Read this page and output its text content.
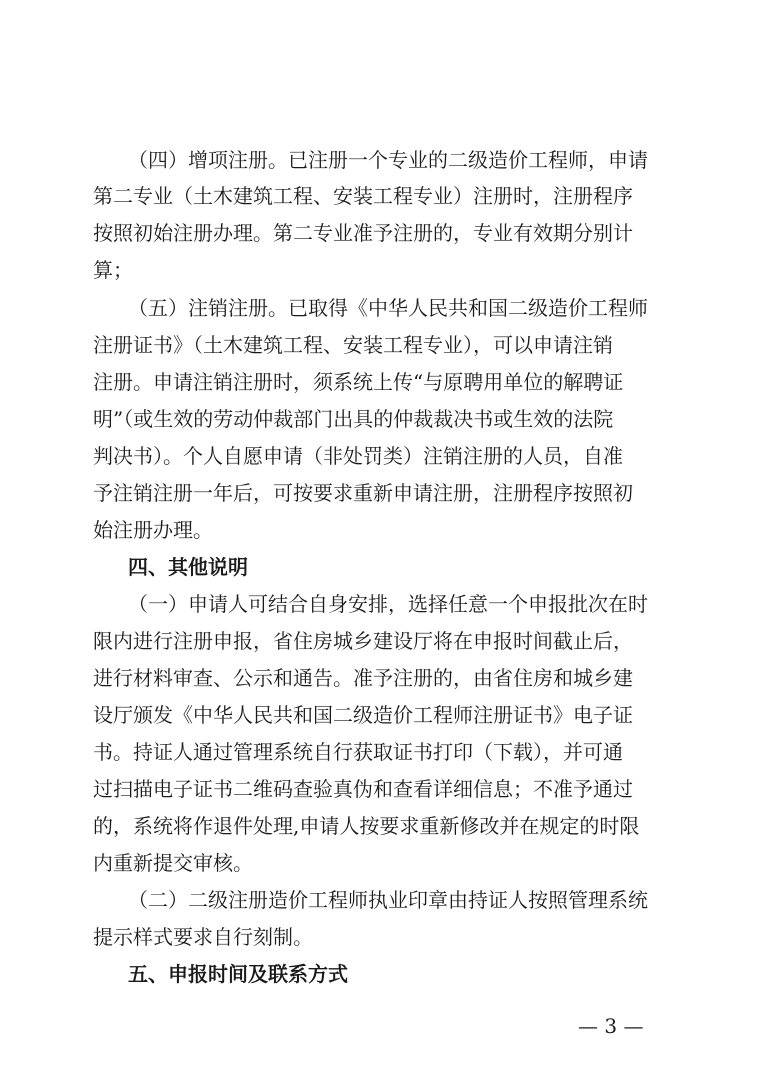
（四）增项注册。已注册一个专业的二级造价工程师，申请
第二专业（土木建筑工程、安装工程专业）注册时，注册程序
按照初始注册办理。第二专业准予注册的，专业有效期分别计
算；
（五）注销注册。已取得《中华人民共和国二级造价工程师
注册证书》（土木建筑工程、安装工程专业），可以申请注销
注册。申请注销注册时，须系统上传“与原聘用单位的解聘证
明”（或生效的劳动仲裁部门出具的仲裁裁决书或生效的法院
判决书）。个人自愿申请（非处罚类）注销注册的人员，自准
予注销注册一年后，可按要求重新申请注册，注册程序按照初
始注册办理。
四、其他说明
（一）申请人可结合自身安排，选择任意一个申报批次在时
限内进行注册申报，省住房城乡建设厅将在申报时间截止后，
进行材料审查、公示和通告。准予注册的，由省住房和城乡建
设厅颁发《中华人民共和国二级造价工程师注册证书》电子证
书。持证人通过管理系统自行获取证书打印（下载），并可通
过扫描电子证书二维码查验真伪和查看详细信息；不准予通过
的，系统将作退件处理,申请人按要求重新修改并在规定的时限
内重新提交审核。
（二）二级注册造价工程师执业印章由持证人按照管理系统
提示样式要求自行刻制。
五、申报时间及联系方式
— 3 —
